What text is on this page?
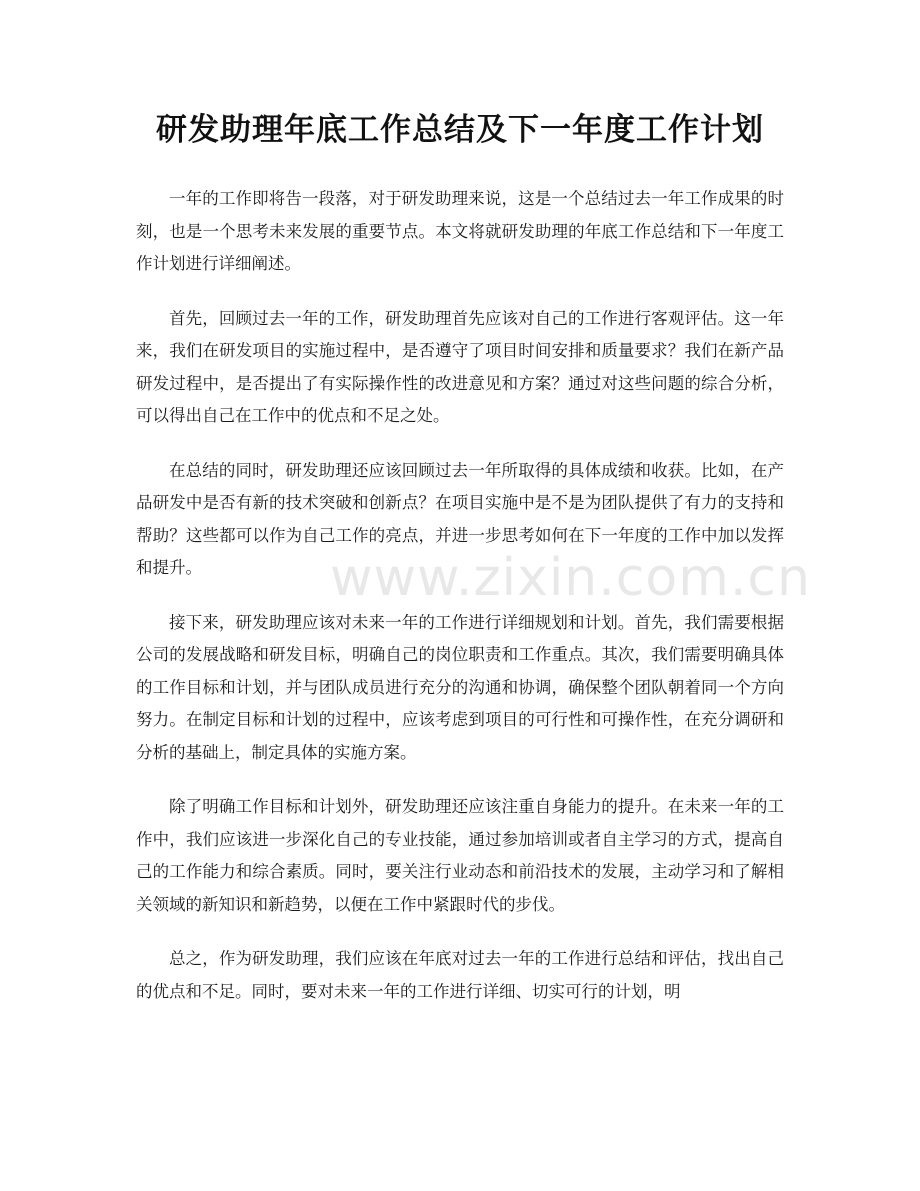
研发助理年底工作总结及下一年度工作计划

一年的工作即将告一段落，对于研发助理来说，这是一个总结过去一年工作成果的时刻，也是一个思考未来发展的重要节点。本文将就研发助理的年底工作总结和下一年度工作计划进行详细阐述。

首先，回顾过去一年的工作，研发助理首先应该对自己的工作进行客观评估。这一年来，我们在研发项目的实施过程中，是否遵守了项目时间安排和质量要求？我们在新产品研发过程中，是否提出了有实际操作性的改进意见和方案？通过对这些问题的综合分析，可以得出自己在工作中的优点和不足之处。

在总结的同时，研发助理还应该回顾过去一年所取得的具体成绩和收获。比如，在产品研发中是否有新的技术突破和创新点？在项目实施中是不是为团队提供了有力的支持和帮助？这些都可以作为自己工作的亮点，并进一步思考如何在下一年度的工作中加以发挥和提升。

接下来，研发助理应该对未来一年的工作进行详细规划和计划。首先，我们需要根据公司的发展战略和研发目标，明确自己的岗位职责和工作重点。其次，我们需要明确具体的工作目标和计划，并与团队成员进行充分的沟通和协调，确保整个团队朝着同一个方向努力。在制定目标和计划的过程中，应该考虑到项目的可行性和可操作性，在充分调研和分析的基础上，制定具体的实施方案。

除了明确工作目标和计划外，研发助理还应该注重自身能力的提升。在未来一年的工作中，我们应该进一步深化自己的专业技能，通过参加培训或者自主学习的方式，提高自己的工作能力和综合素质。同时，要关注行业动态和前沿技术的发展，主动学习和了解相关领域的新知识和新趋势，以便在工作中紧跟时代的步伐。

总之，作为研发助理，我们应该在年底对过去一年的工作进行总结和评估，找出自己的优点和不足。同时，要对未来一年的工作进行详细、切实可行的计划，明

www.zixin.com.cn
